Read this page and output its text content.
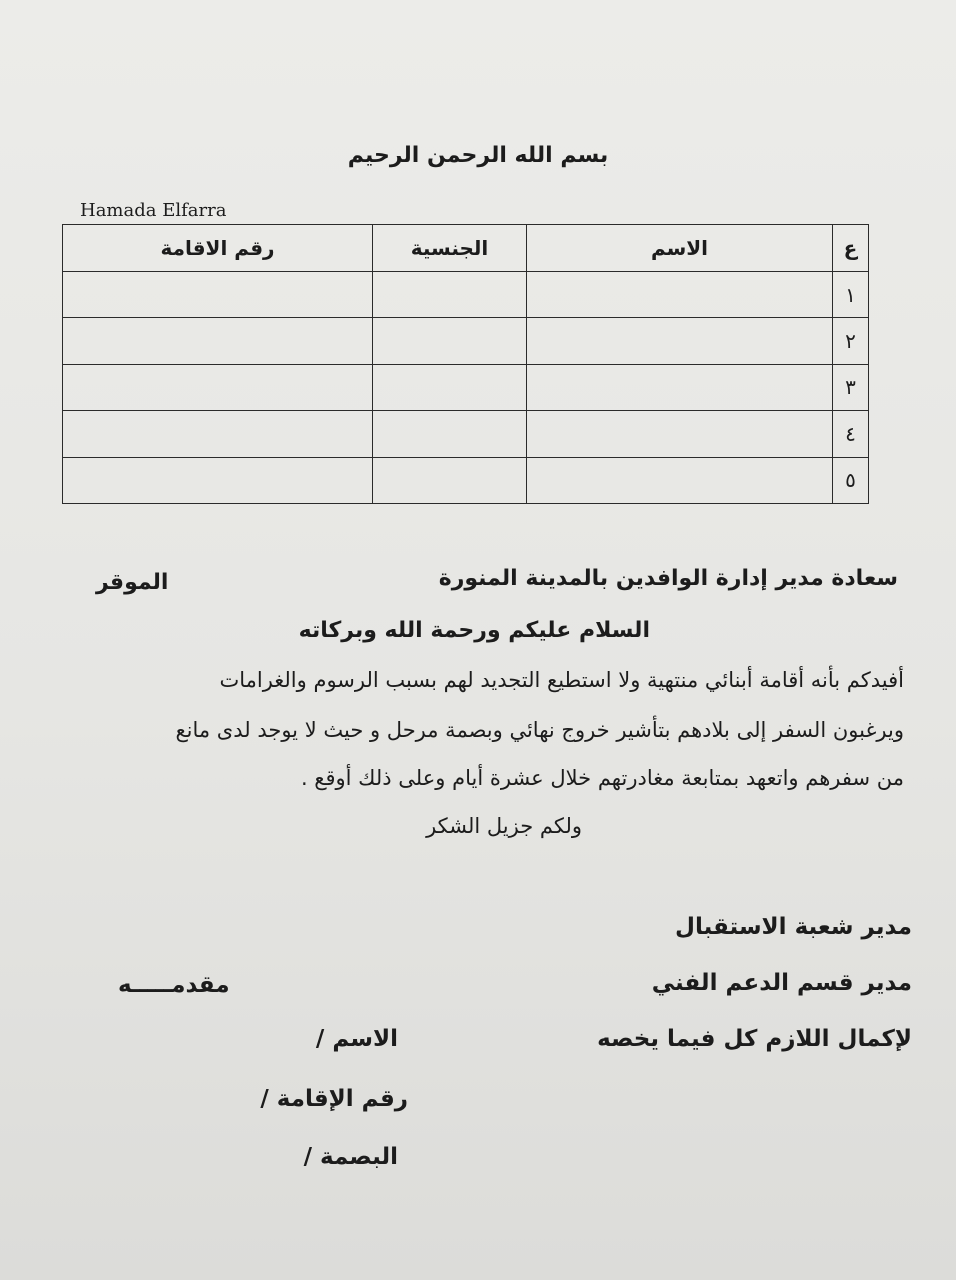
بسم الله الرحمن الرحيم
Hamada Elfarra
ع	الاسم	الجنسية	رقم الاقامة
١			
٢			
٣			
٤			
٥			
سعادة مدير إدارة الوافدين بالمدينة المنورة
الموقر
السلام عليكم ورحمة الله وبركاته
أفيدكم بأنه أقامة أبنائي منتهية ولا استطيع التجديد لهم بسبب الرسوم والغرامات
ويرغبون السفر إلى بلادهم بتأشير خروج نهائي وبصمة مرحل و حيث لا يوجد لدى مانع
من سفرهم واتعهد بمتابعة مغادرتهم خلال عشرة أيام وعلى ذلك أوقع .
ولكم جزيل الشكر
مدير شعبة الاستقبال
مدير قسم الدعم الفني
لإكمال اللازم كل فيما يخصه
مقدمـــــه
الاسم /
رقم الإقامة /
البصمة /
